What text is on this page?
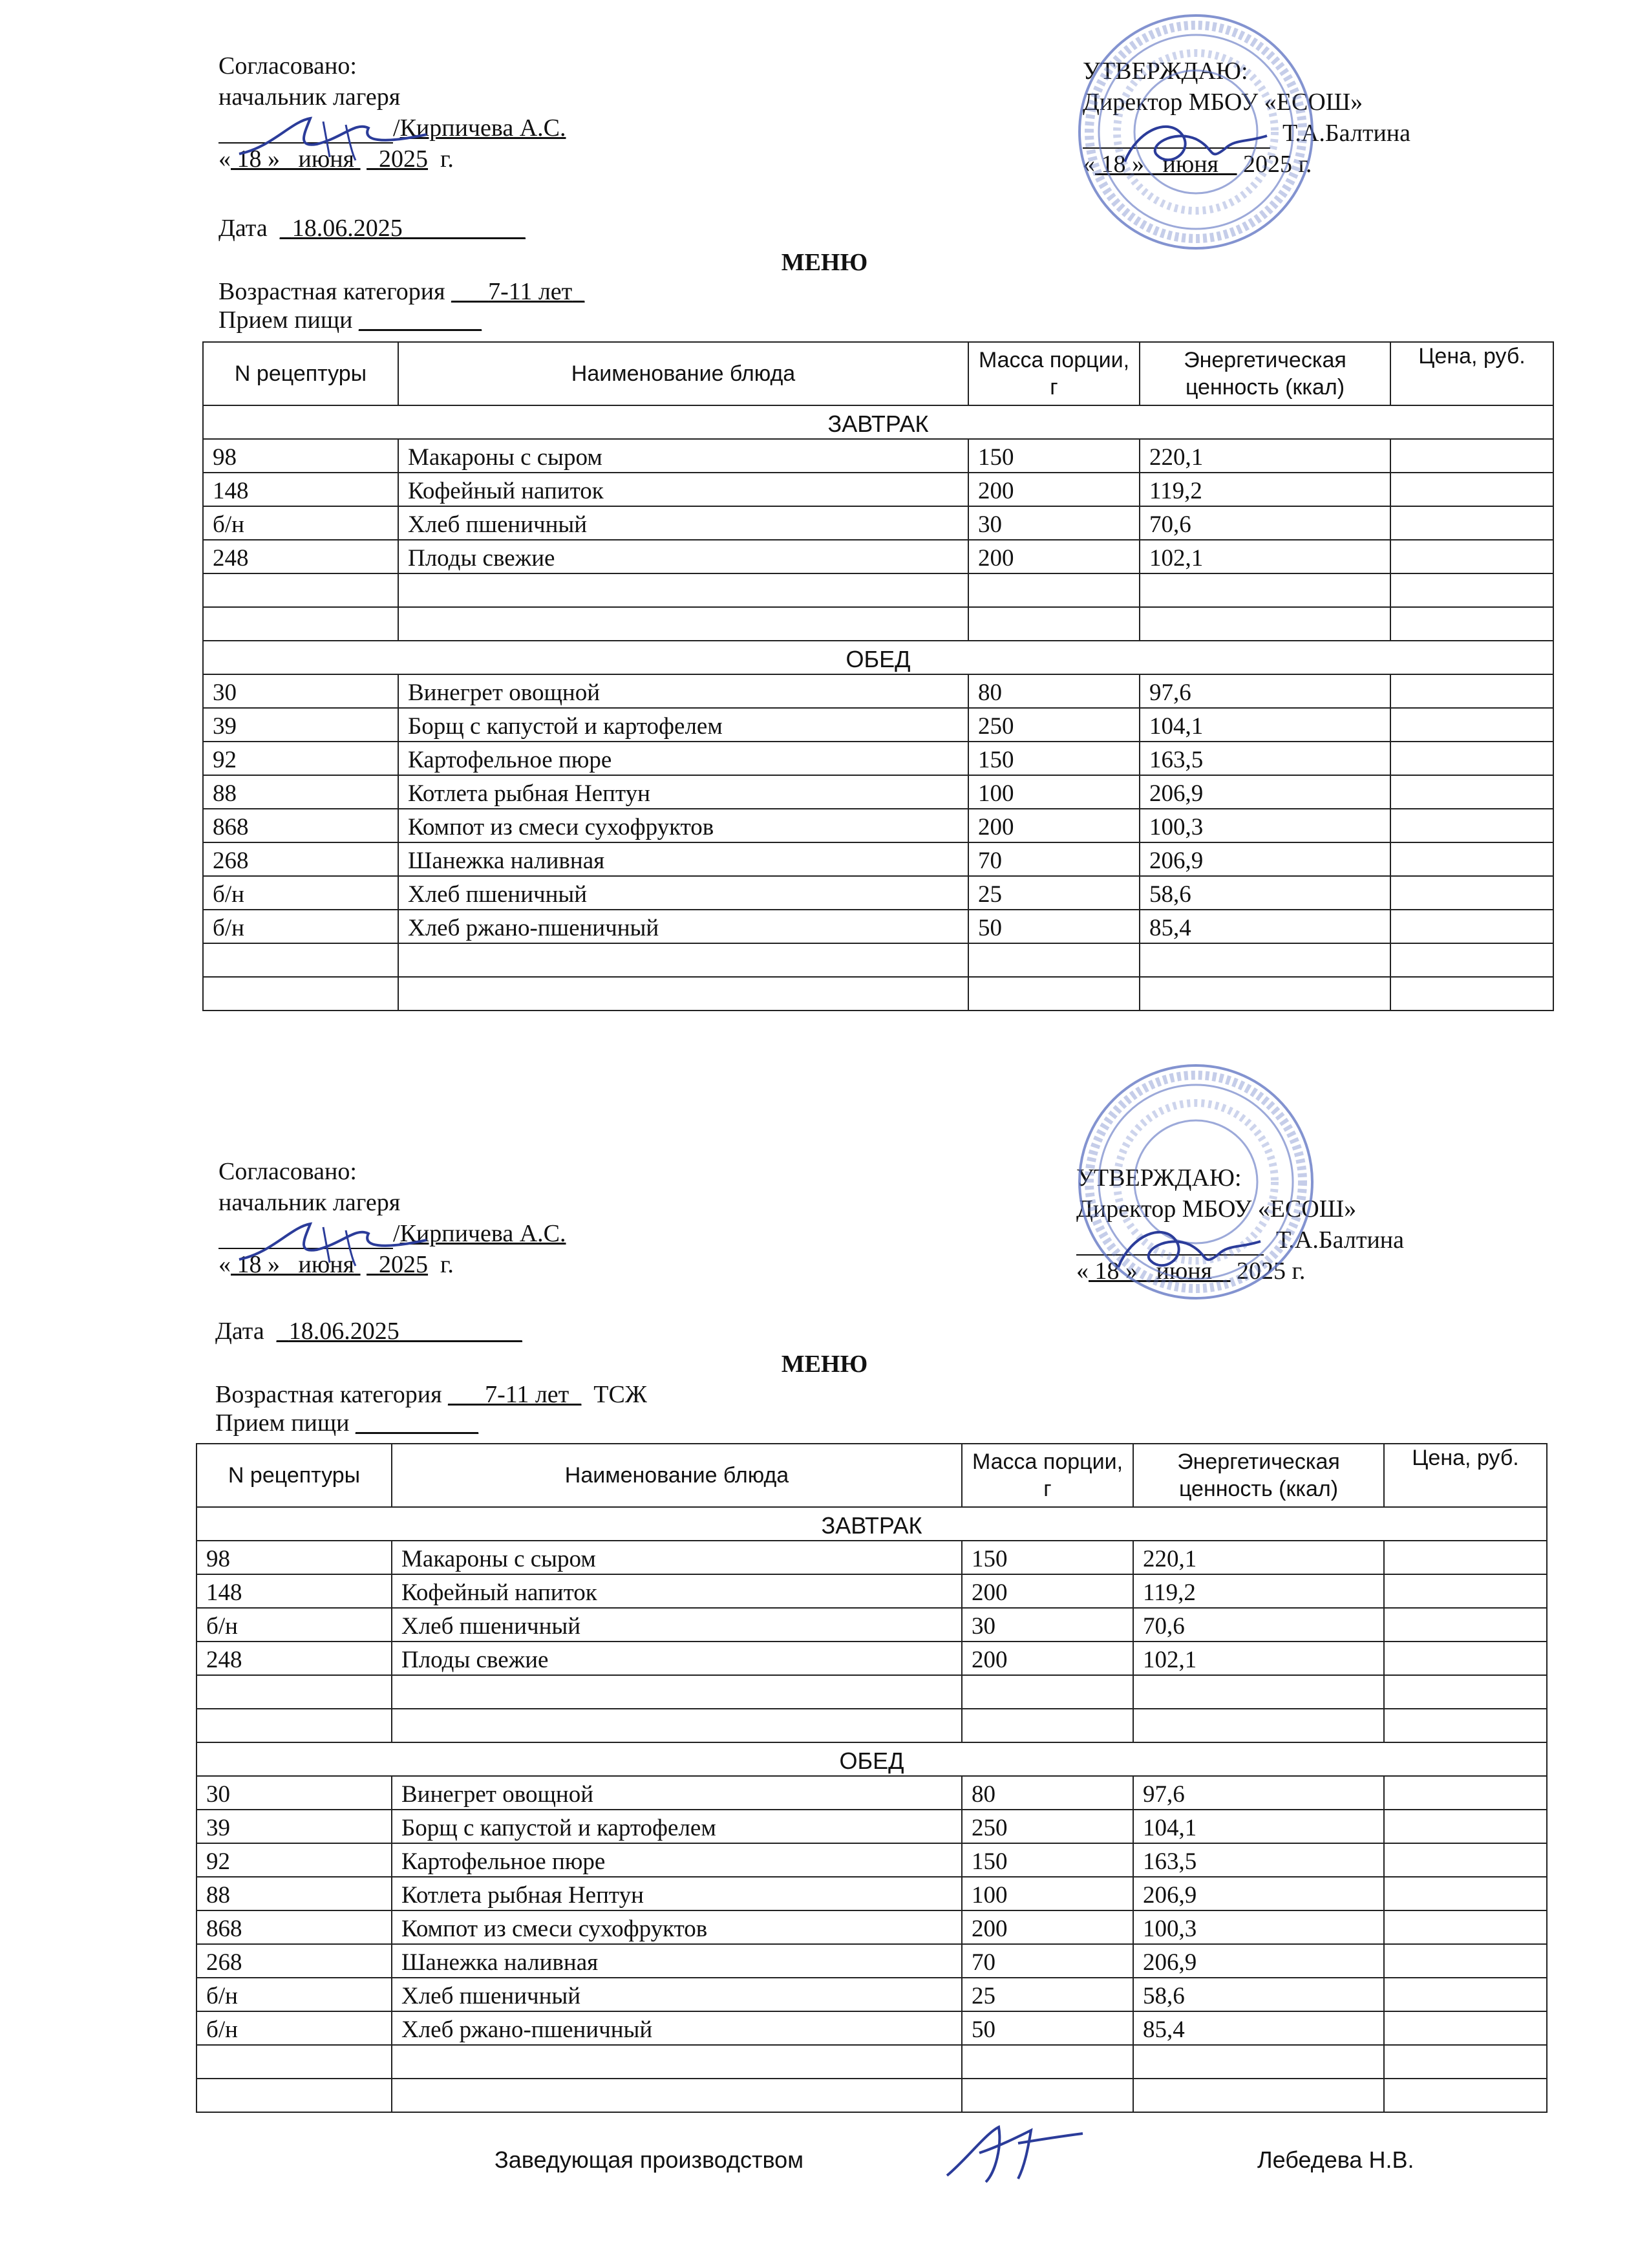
Согласовано:
начальник лагеря
/Кирпичева А.С.
« 18 » июня 2025 г.
УТВЕРЖДАЮ:
Директор МБОУ «ЕСОШ»
Т.А.Балтина
« 18 » июня 2025 г.
Дата _18.06.2025__________
МЕНЮ
Возрастная категория ___7-11 лет_
Прием пищи __________
N рецептуры	Наименование блюда	Масса порции, г	Энергетическая ценность (ккал)	Цена, руб.
ЗАВТРАК				
98	Макароны с сыром	150	220,1	
148	Кофейный напиток	200	119,2	
б/н	Хлеб пшеничный	30	70,6	
248	Плоды свежие	200	102,1	

ОБЕД				
30	Винегрет овощной	80	97,6	
39	Борщ с капустой и картофелем	250	104,1	
92	Картофельное пюре	150	163,5	
88	Котлета рыбная Нептун	100	206,9	
868	Компот из смеси сухофруктов	200	100,3	
268	Шанежка наливная	70	206,9	
б/н	Хлеб пшеничный	25	58,6	
б/н	Хлеб ржано-пшеничный	50	85,4	

Согласовано:
начальник лагеря
/Кирпичева А.С.
« 18 » июня 2025 г.
УТВЕРЖДАЮ:
Директор МБОУ «ЕСОШ»
Т.А.Балтина
« 18 » июня 2025 г.
Дата _18.06.2025__________
МЕНЮ
Возрастная категория ___7-11 лет_ ТСЖ
Прием пищи __________
N рецептуры	Наименование блюда	Масса порции, г	Энергетическая ценность (ккал)	Цена, руб.
ЗАВТРАК				
98	Макароны с сыром	150	220,1	
148	Кофейный напиток	200	119,2	
б/н	Хлеб пшеничный	30	70,6	
248	Плоды свежие	200	102,1	

ОБЕД				
30	Винегрет овощной	80	97,6	
39	Борщ с капустой и картофелем	250	104,1	
92	Картофельное пюре	150	163,5	
88	Котлета рыбная Нептун	100	206,9	
868	Компот из смеси сухофруктов	200	100,3	
268	Шанежка наливная	70	206,9	
б/н	Хлеб пшеничный	25	58,6	
б/н	Хлеб ржано-пшеничный	50	85,4	

Заведующая производством	Лебедева Н.В.
